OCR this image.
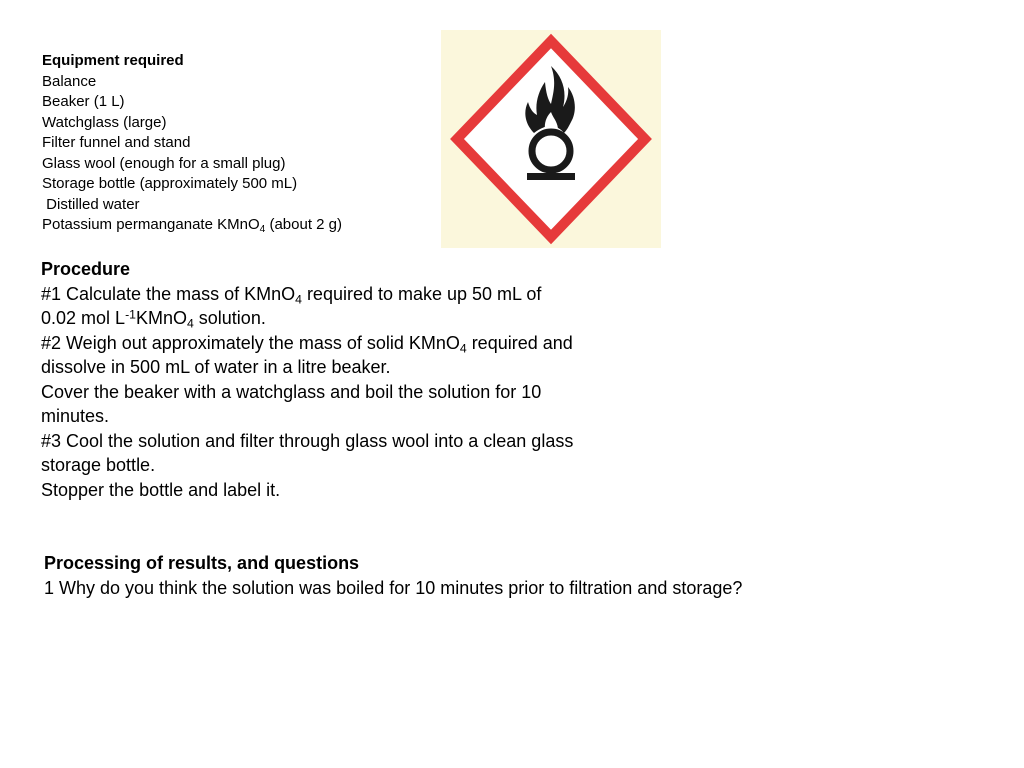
Equipment required
Balance
Beaker (1 L)
Watchglass (large)
Filter funnel and stand
Glass wool (enough for a small plug)
Storage bottle (approximately 500 mL)
Distilled water
Potassium permanganate KMnO$_4$ (about 2 g)
Procedure
#1 Calculate the mass of KMnO$_4$ required to make up 50 mL of
0.02 mol $L^{-1}KMnO_4$ solution.
#2 Weigh out approximately the mass of solid KMnO$_4$ required and
dissolve in 500 mL of water in a litre beaker.
Cover the beaker with a watchglass and boil the solution for 10
minutes.
#3 Cool the solution and filter through glass wool into a clean glass
storage bottle.
Stopper the bottle and label it.
Processing of results, and questions
1 Why do you think the solution was boiled for 10 minutes prior to filtration and storage?
